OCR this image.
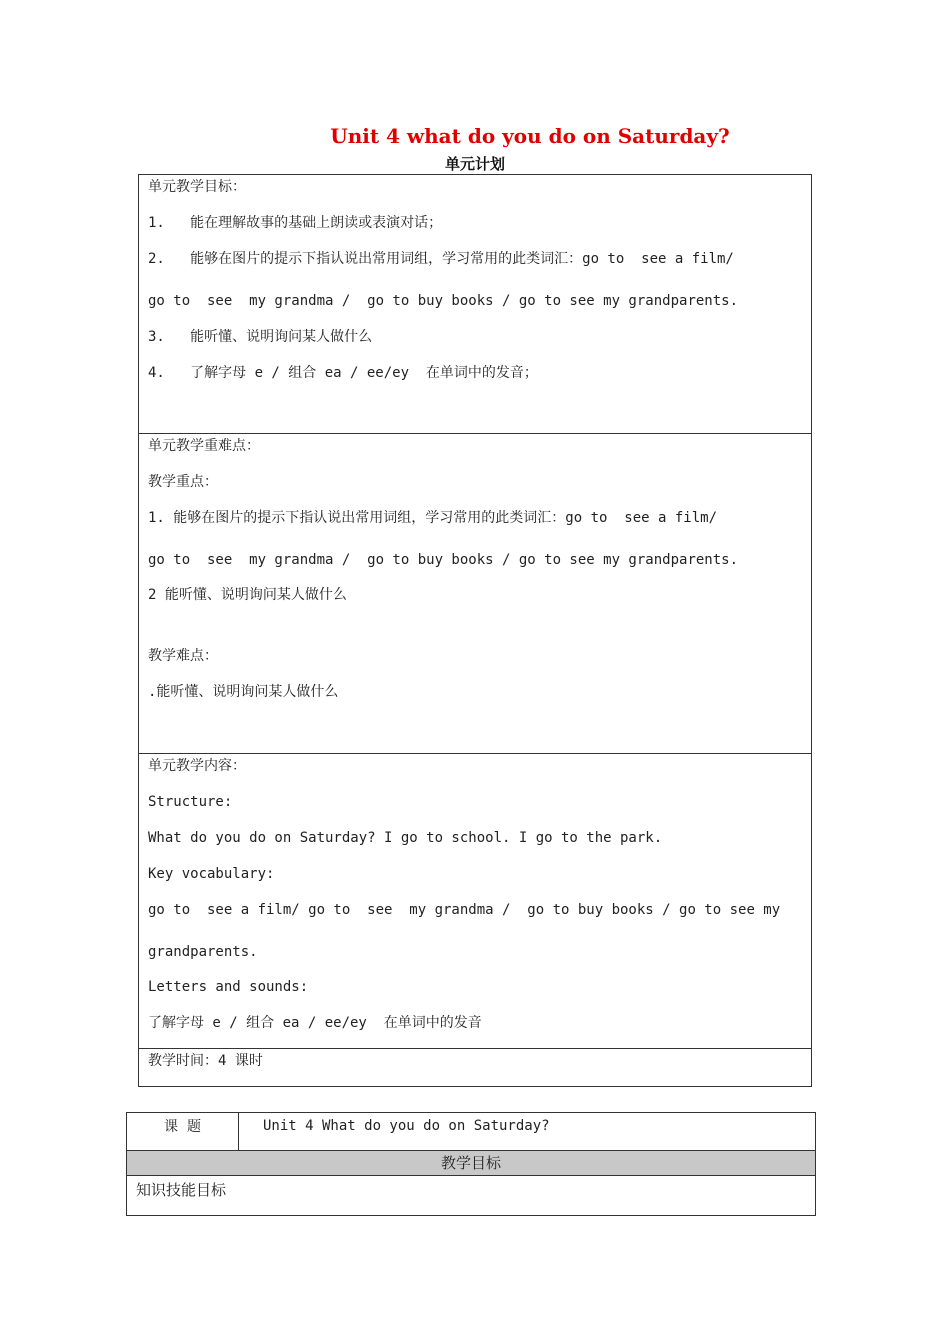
Unit 4 what do you do on Saturday?
单元计划
单元教学目标：
1.   能在理解故事的基础上朗读或表演对话；
2.   能够在图片的提示下指认说出常用词组，学习常用的此类词汇：go to  see a film/
go to  see  my grandma /  go to buy books / go to see my grandparents.
3.   能听懂、说明询问某人做什么
4.   了解字母 e / 组合 ea / ee/ey  在单词中的发音；
单元教学重难点：
教学重点：
1. 能够在图片的提示下指认说出常用词组，学习常用的此类词汇：go to  see a film/
go to  see  my grandma /  go to buy books / go to see my grandparents.
2 能听懂、说明询问某人做什么
教学难点：
.能听懂、说明询问某人做什么
单元教学内容：
Structure:
What do you do on Saturday? I go to school. I go to the park.
Key vocabulary:
go to  see a film/ go to  see  my grandma /  go to buy books / go to see my
grandparents.
Letters and sounds:
了解字母 e / 组合 ea / ee/ey  在单词中的发音
教学时间：4 课时
课  题	Unit 4 What do you do on Saturday?
教学目标
知识技能目标
